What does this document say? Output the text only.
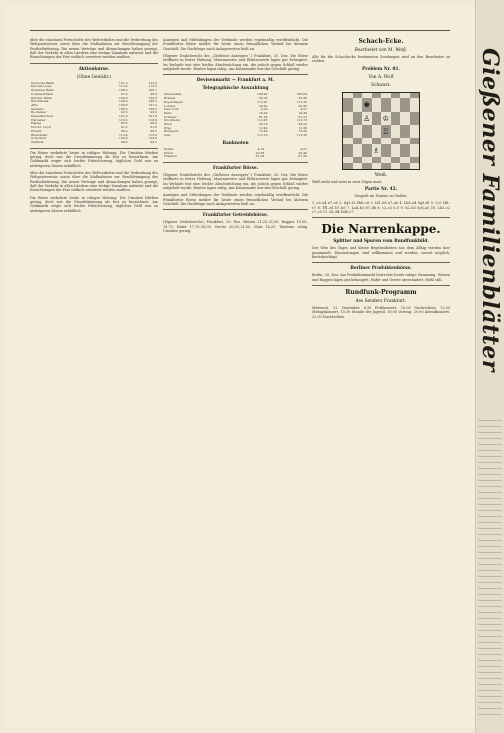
über die einzelnen Fortschritte des Weltverkehrs und die Verbreitung des Weltpostvereins sowie über die Maßnahmen zur Beschleunigung der Postbeförderung. Die neuen Verträge und Abmachungen haben gezeigt, daß der Verkehr in allen Ländern eine stetige Zunahme aufweist und die Einrichtungen der Post vielfach erweitert werden mußten.

Aktienkurse.
(Ohne Gewähr.)
Deutsche Bank	121,5	122,0
Disconto-Ges.	113,0	113,5
Dresdner Bank	108,2	108,7
Commerzbank	97,5	98,0
Darmst. Bank	104,0	104,5
Reichsbank	146,0	146,5
AEG	136,8	137,2
Siemens	168,0	169,5
Bochumer	92,5	93,0
Gelsenkirchen	101,0	101,8
Harpener	118,2	118,9
Hapag	65,5	66,0
Nordd. Lloyd	61,2	61,8
Phönix	86,0	86,5
Rheinstahl	112,4	113,0
Schuckert	124,0	124,6
Zellstoff	98,8	99,2

Die Börse verkehrte heute in ruhiger Haltung. Die Umsätze blieben gering, doch war die Grundstimmung als fest zu bezeichnen. Am Geldmarkt zeigte sich leichte Erleichterung, tägliches Geld war zu niedrigeren Sätzen erhältlich.

über die einzelnen Fortschritte des Weltverkehrs und die Verbreitung des Weltpostvereins sowie über die Maßnahmen zur Beschleunigung der Postbeförderung. Die neuen Verträge und Abmachungen haben gezeigt, daß der Verkehr in allen Ländern eine stetige Zunahme aufweist und die Einrichtungen der Post vielfach erweitert werden mußten.

Die Börse verkehrte heute in ruhiger Haltung. Die Umsätze blieben gering, doch war die Grundstimmung als fest zu bezeichnen. Am Geldmarkt zeigte sich leichte Erleichterung, tägliches Geld war zu niedrigeren Sätzen erhältlich.

Anzeigen und Mitteilungen der Verbände werden regelmäßig veröffentlicht. Die Frankfurter Börse meldet für heute einen freundlichen Verlauf bei kleinem Geschäft. Die Nachfrage nach Anlagewerten hielt an.

(Eigener Drahtbericht des „Gießener Anzeigers“.) Frankfurt, 20. Dez. Die Börse eröffnete in fester Haltung. Montanwerte und Elektrowerte lagen gut behauptet. Im Verlaufe trat eine leichte Abschwächung ein, die jedoch gegen Schluß wieder aufgeholt wurde. Renten lagen ruhig. Am Kassamarkt war das Geschäft gering.

Devisenmarkt — Frankfurt a. M.
Telegraphische Auszahlung
Amsterdam	168,42	168,84
Brüssel	58,35	58,49
Kopenhagen	112,07	112,35
London	20,42	20,46
New York	4,20	4,21
Paris	16,45	16,49
Schweiz	81,02	81,22
Stockholm	112,45	112,73
Wien	59,18	59,32
Prag	12,42	12,46
Budapest	73,20	73,38
Oslo	112,10	112,38
Banknoten
Dollar	4,19	4,21
Pfund	20,38	20,46
Franken	81,00	81,32
Frankfurter Börse.

(Eigener Drahtbericht des „Gießener Anzeigers“.) Frankfurt, 20. Dez. Die Börse eröffnete in fester Haltung. Montanwerte und Elektrowerte lagen gut behauptet. Im Verlaufe trat eine leichte Abschwächung ein, die jedoch gegen Schluß wieder aufgeholt wurde. Renten lagen ruhig. Am Kassamarkt war das Geschäft gering.

Anzeigen und Mitteilungen der Verbände werden regelmäßig veröffentlicht. Die Frankfurter Börse meldet für heute einen freundlichen Verlauf bei kleinem Geschäft. Die Nachfrage nach Anlagewerten hielt an.

Frankfurter Getreidebörse.

(Eigener Drahtbericht.) Frankfurt, 20. Dez. Weizen 21,25–21,50, Roggen 19,50–19,75, Hafer 17,75–18,00, Gerste 20,50–21,00, Mais 18,25. Tendenz: ruhig, Umsätze gering.

Schach-Ecke.
Bearbeitet von M. Weiß.

Alle für die Schachecke bestimmten Sendungen sind an den Bearbeiter zu richten.

Problem Nr. 81.
Von A. Wolf
Schwarz.
♚
♙ ♔
♖
♗
Weiß.

Weiß zieht und setzt in zwei Zügen matt.

Partie Nr. 42.

Gespielt im Turnier zu Gießen.

1. e2–e4 e7–e5 2. Sg1–f3 Sb8–c6 3. Lf1–b5 a7–a6 4. Lb5–a4 Sg8–f6 5. 0–0 Lf8–e7 6. Tf1–e1 b7–b5 7. La4–b3 d7–d6 8. c2–c3 0–0 9. h2–h3 Sc6–a5 10. Lb3–c2 c7–c5 11. d2–d4 Dd8–c7

Die Narrenkappe.
Splitter und Spuren vom Rundfunkbild.

Der Witz des Tages und kleine Begebenheiten aus dem Alltag werden hier gesammelt. Einsendungen sind willkommen und werden, soweit möglich, berücksichtigt.

Berliner Produktenbörse.

Berlin, 20. Dez. Am Produktenmarkt herrschte heute ruhige Stimmung. Weizen und Roggen lagen gut behauptet, Hafer und Gerste unverändert. Mehl still.

Rundfunk-Programm
des Senders Frankfurt.

Mittwoch, 21. Dezember. 6.30 Frühkonzert. 10.00 Nachrichten. 12.00 Mittagskonzert. 15.30 Stunde der Jugend. 18.00 Vortrag. 20.00 Abendkonzert. 22.00 Nachrichten.	Gießener Familienblätter
